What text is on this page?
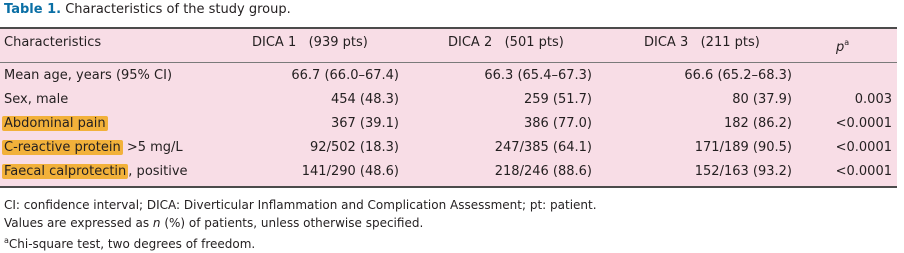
Table 1. Characteristics of the study group.
Characteristics	DICA 1   (939 pts)	DICA 2   (501 pts)	DICA 3   (211 pts)	$p^a$
Mean age, years (95% CI)	66.7 (66.0–67.4)	66.3 (65.4–67.3)	66.6 (65.2–68.3)
Sex, male	454 (48.3)	259 (51.7)	80 (37.9)	0.003
Abdominal pain	367 (39.1)	386 (77.0)	182 (86.2)	<0.0001
C-reactive protein >5 mg/L	92/502 (18.3)	247/385 (64.1)	171/189 (90.5)	<0.0001
Faecal calprotectin , positive	141/290 (48.6)	218/246 (88.6)	152/163 (93.2)	<0.0001
CI: confidence interval; DICA: Diverticular Inflammation and Complication Assessment; pt: patient.
Values are expressed as n (%) of patients, unless otherwise specified.
$^a$Chi-square test, two degrees of freedom.
